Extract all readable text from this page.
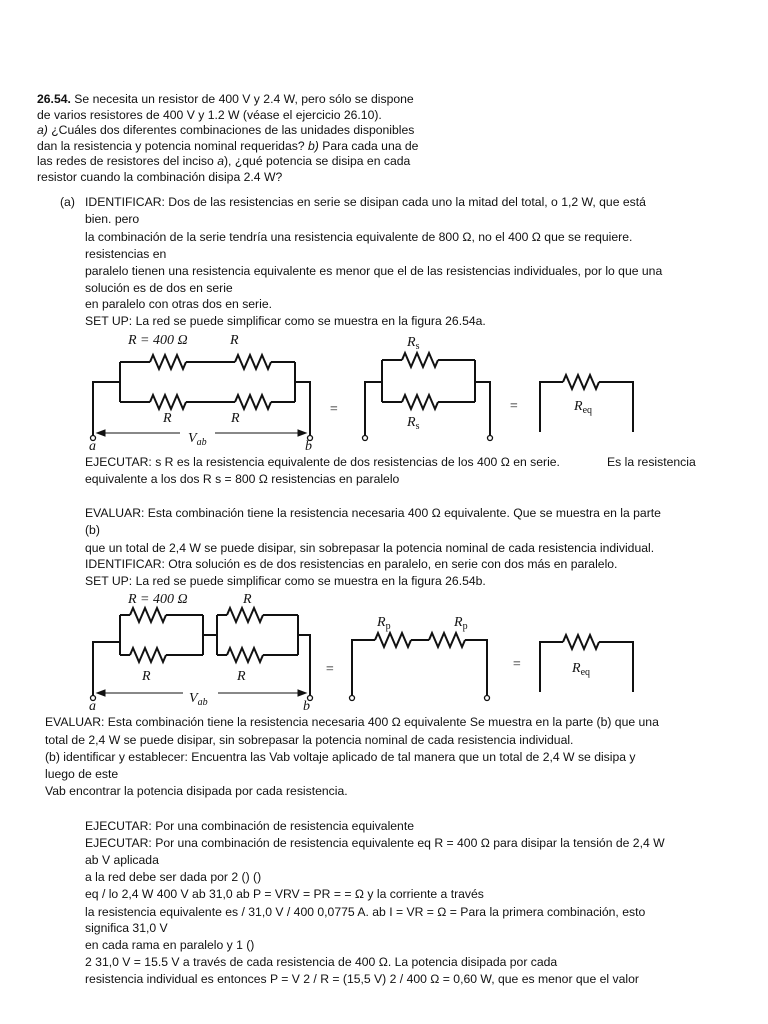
26.54. Se necesita un resistor de 400 V y 2.4 W, pero sólo se dispone
de varios resistores de 400 V y 1.2 W (véase el ejercicio 26.10).
a) ¿Cuáles dos diferentes combinaciones de las unidades disponibles
dan la resistencia y potencia nominal requeridas? b) Para cada una de
las redes de resistores del inciso a), ¿qué potencia se disipa en cada
resistor cuando la combinación disipa 2.4 W?
(a) IDENTIFICAR: Dos de las resistencias en serie se disipan cada uno la mitad del total, o 1,2 W, que está
bien. pero
la combinación de la serie tendría una resistencia equivalente de 800 Ω, no el 400 Ω que se requiere.
resistencias en
paralelo tienen una resistencia equivalente es menor que el de las resistencias individuales, por lo que una
solución es de dos en serie
en paralelo con otras dos en serie.
SET UP: La red se puede simplificar como se muestra en la figura 26.54a.
EJECUTAR: s R es la resistencia equivalente de dos resistencias de los 400 Ω en serie.	Es la resistencia
equivalente a los dos R s = 800 Ω resistencias en paralelo
EVALUAR: Esta combinación tiene la resistencia necesaria 400 Ω equivalente. Que se muestra en la parte
(b)
que un total de 2,4 W se puede disipar, sin sobrepasar la potencia nominal de cada resistencia individual.
IDENTIFICAR: Otra solución es de dos resistencias en paralelo, en serie con dos más en paralelo.
SET UP: La red se puede simplificar como se muestra en la figura 26.54b.
EVALUAR: Esta combinación tiene la resistencia necesaria 400 Ω equivalente Se muestra en la parte (b) que una
total de 2,4 W se puede disipar, sin sobrepasar la potencia nominal de cada resistencia individual.
(b) identificar y establecer: Encuentra las Vab voltaje aplicado de tal manera que un total de 2,4 W se disipa y
luego de este
Vab encontrar la potencia disipada por cada resistencia.
EJECUTAR: Por una combinación de resistencia equivalente
EJECUTAR: Por una combinación de resistencia equivalente eq R = 400 Ω para disipar la tensión de 2,4 W
ab V aplicada
a la red debe ser dada por 2 () ()
eq / lo 2,4 W 400 V ab 31,0 ab P = VRV = PR = = Ω y la corriente a través
la resistencia equivalente es / 31,0 V / 400 0,0775 A. ab I = VR = Ω = Para la primera combinación, esto
significa 31,0 V
en cada rama en paralelo y 1 ()
2 31,0 V = 15.5 V a través de cada resistencia de 400 Ω. La potencia disipada por cada
resistencia individual es entonces P = V 2 / R = (15,5 V) 2 / 400 Ω = 0,60 W, que es menor que el valor
R = 400 Ω	R
R	R
a	b
$V_{ab}$
$R_s$
$R_s$
$R_{eq}$
=	=
R = 400 Ω	R
R	R
a	b
$V_{ab}$
$R_p$	$R_p$
$R_{eq}$
=	=
